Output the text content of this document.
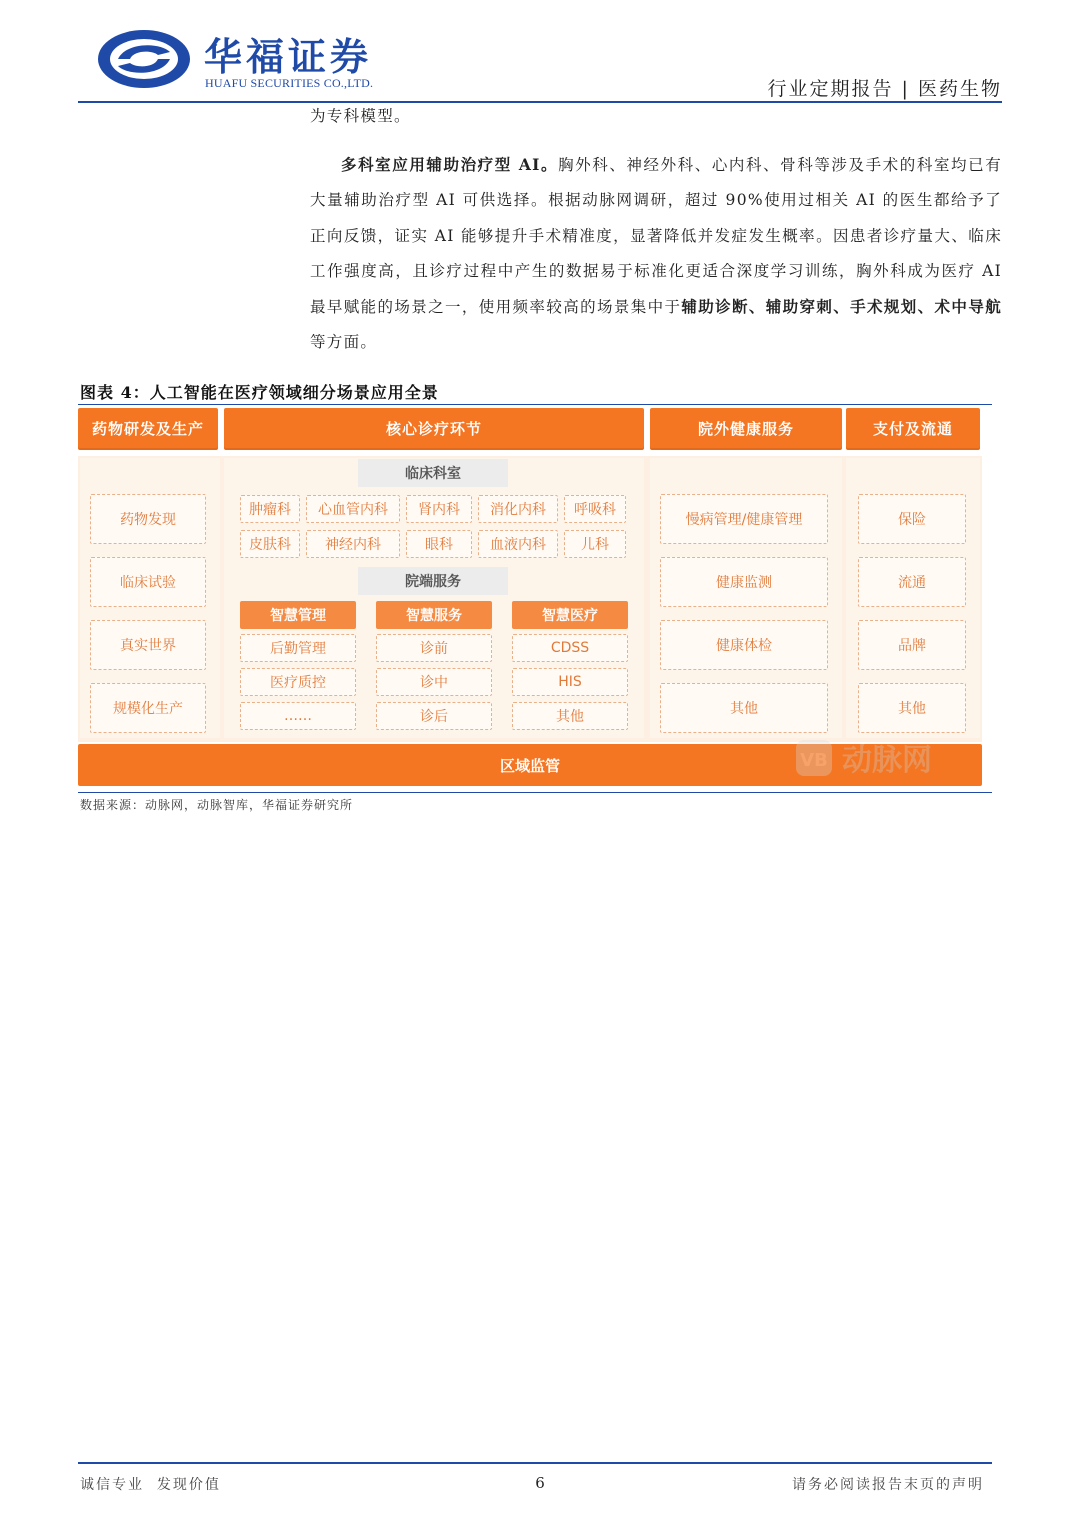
华福证券
HUAFU SECURITIES CO.,LTD.	行业定期报告 | 医药生物
为专科模型。
多科室应用辅助治疗型 AI。胸外科、神经外科、心内科、骨科等涉及手术的科室均已有大量辅助治疗型 AI 可供选择。根据动脉网调研，超过 90%使用过相关 AI 的医生都给予了正向反馈，证实 AI 能够提升手术精准度，显著降低并发症发生概率。因患者诊疗量大、临床工作强度高，且诊疗过程中产生的数据易于标准化更适合深度学习训练，胸外科成为医疗 AI 最早赋能的场景之一，使用频率较高的场景集中于辅助诊断、辅助穿刺、手术规划、术中导航等方面。
图表 4：人工智能在医疗领域细分场景应用全景
药物研发及生产	核心诊疗环节	院外健康服务	支付及流通
药物发现
临床试验
真实世界
规模化生产
临床科室
肿瘤科	心血管内科	肾内科	消化内科	呼吸科
皮肤科	神经内科	眼科	血液内科	儿科
院端服务
智慧管理
后勤管理
医疗质控
……
智慧服务
诊前
诊中
诊后
智慧医疗
CDSS
HIS
其他
慢病管理/健康管理
健康监测
健康体检
其他
保险
流通
品牌
其他
区域监管	VB 动脉网
数据来源：动脉网，动脉智库，华福证券研究所
诚信专业  发现价值	6	请务必阅读报告末页的声明
